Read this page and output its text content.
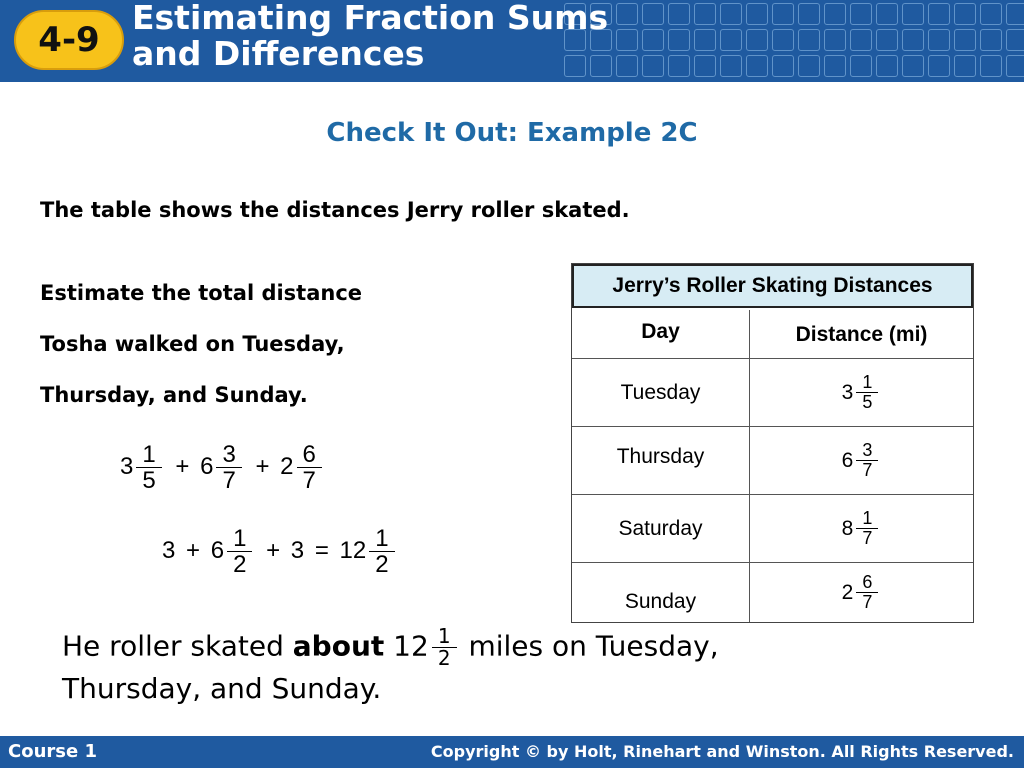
4-9
Estimating Fraction Sums
and Differences
Check It Out: Example 2C
The table shows the distances Jerry roller skated.
Estimate the total distance
Tosha walked on Tuesday,
Thursday, and Sunday.
$3 \frac{1}{5} + 6 \frac{3}{7} + 2 \frac{6}{7}$
$3 + 6 \frac{1}{2} + 3 = 12 \frac{1}{2}$
Jerry’s Roller Skating Distances
Day	Distance (mi)
Tuesday	$3 \frac{1}{5}$
Thursday	$6 \frac{3}{7}$
Saturday	$8 \frac{1}{7}$
Sunday	$2 \frac{6}{7}$
He roller skated about $12 \frac{1}{2}$ miles on Tuesday,
Thursday, and Sunday.
Course 1	Copyright © by Holt, Rinehart and Winston. All Rights Reserved.
